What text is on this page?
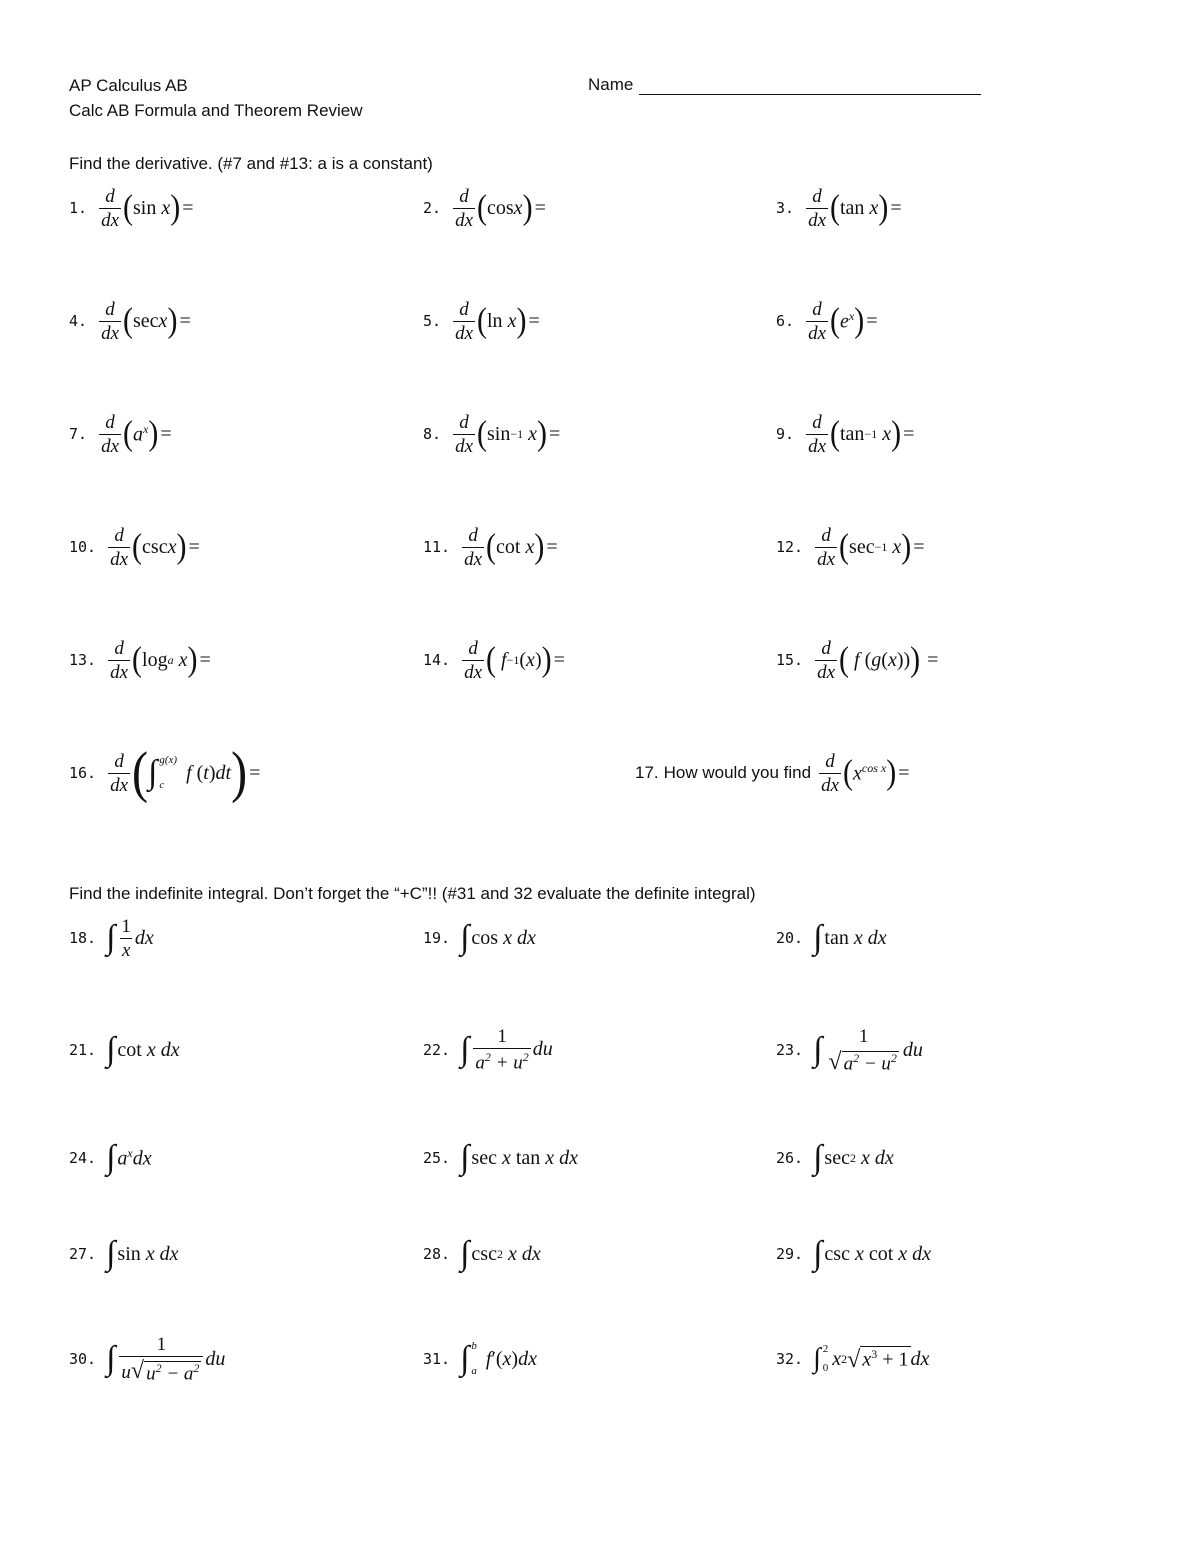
AP Calculus AB
Calc AB Formula and Theorem Review
Name
Find the derivative. (#7 and #13: a is a constant)
1. $\frac{d}{dx}$ ( sin x ) =	2. $\frac{d}{dx}$ ( cos x ) =	3. $\frac{d}{dx}$ ( tan x ) =
4. $\frac{d}{dx}$ ( sec x ) =	5. $\frac{d}{dx}$ ( ln x ) =	6. $\frac{d}{dx}$ ( $e^x$ ) =
7. $\frac{d}{dx}$ ( $a^x$ ) =	8. $\frac{d}{dx}$ ( sin −1 x ) =	9. $\frac{d}{dx}$ ( tan −1 x ) =
10. $\frac{d}{dx}$ ( csc x ) =	11. $\frac{d}{dx}$ ( cot x ) =	12. $\frac{d}{dx}$ ( sec −1 x ) =
13. $\frac{d}{dx}$ ( log a x ) =	14. $\frac{d}{dx}$ ( f −1 ( x ) ) =	15. $\frac{d}{dx}$ ( f ( g ( x )) ) =
16. $\frac{d}{dx}$ ( ∫ g(x)
c

f ( t ) dt ) =	17. How would you find $\frac{d}{dx}$ ( $x^{cos x}$ ) =
Find the indefinite integral. Don’t forget the “+C”!! (#31 and 32 evaluate the definite integral)
18. ∫ $\frac{1}{x}$ dx	19. ∫ cos x dx	20. ∫ tan x dx
21. ∫ cot x dx	22. ∫ $\frac{1}{a^2 + u^2}$ du	23. ∫ 1
√ $a^2 - u^2$ du
24. ∫ $a^xdx$	25. ∫ sec x tan x dx	26. ∫ sec 2 x dx
27. ∫ sin x dx	28. ∫ csc 2 x dx	29. ∫ csc x cot x dx
30. ∫ $\frac{1}{u √ u^2 - a^2}$ du	31. ∫ b
a

f ′( x ) dx	32. ∫ 2
0 x 2 √ $x^3 + 1$ dx
